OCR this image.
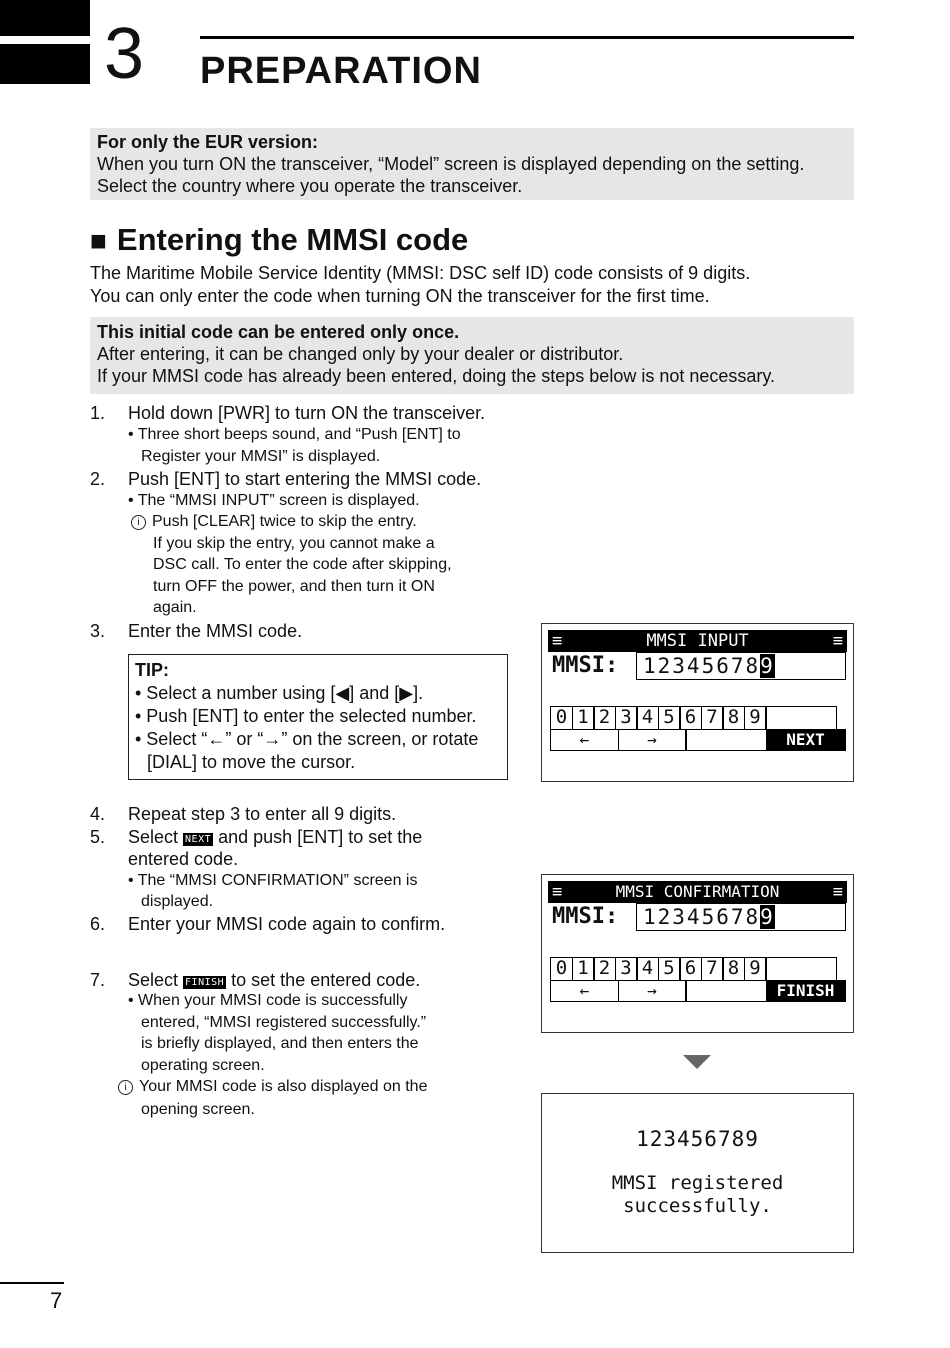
3 PREPARATION
For only the EUR version:
When you turn ON the transceiver, “Model” screen is displayed depending on the setting. Select the country where you operate the transceiver.
■ Entering the MMSI code
The Maritime Mobile Service Identity (MMSI: DSC self ID) code consists of 9 digits.
You can only enter the code when turning ON the transceiver for the first time.
This initial code can be entered only once.
After entering, it can be changed only by your dealer or distributor.
If your MMSI code has already been entered, doing the steps below is not necessary.
1. Hold down [PWR] to turn ON the transceiver.
• Three short beeps sound, and “Push [ENT] to
Register your MMSI” is displayed.
2. Push [ENT] to start entering the MMSI code.
• The “MMSI INPUT” screen is displayed.
i Push [CLEAR] twice to skip the entry.
If you skip the entry, you cannot make a
DSC call. To enter the code after skipping,
turn OFF the power, and then turn it ON
again.
3. Enter the MMSI code.
TIP:
• Select a number using [◀] and [▶].
• Push [ENT] to enter the selected number.
• Select “←” or “→” on the screen, or rotate
[DIAL] to move the cursor.
≡	MMSI INPUT	≡
MMSI:	123456789
0 1 2 3 4 5 6 7 8 9
←	→	NEXT
4. Repeat step 3 to enter all 9 digits.
5. Select NEXT and push [ENT] to set the
entered code.
• The “MMSI CONFIRMATION” screen is
displayed.
6. Enter your MMSI code again to confirm.
≡	MMSI CONFIRMATION	≡
MMSI:	123456789
0 1 2 3 4 5 6 7 8 9
←	→	FINISH
7. Select FINISH to set the entered code.
• When your MMSI code is successfully
entered, “MMSI registered successfully.”
is briefly displayed, and then enters the
operating screen.
i Your MMSI code is also displayed on the
opening screen.
123456789
MMSI registered
successfully.
7
